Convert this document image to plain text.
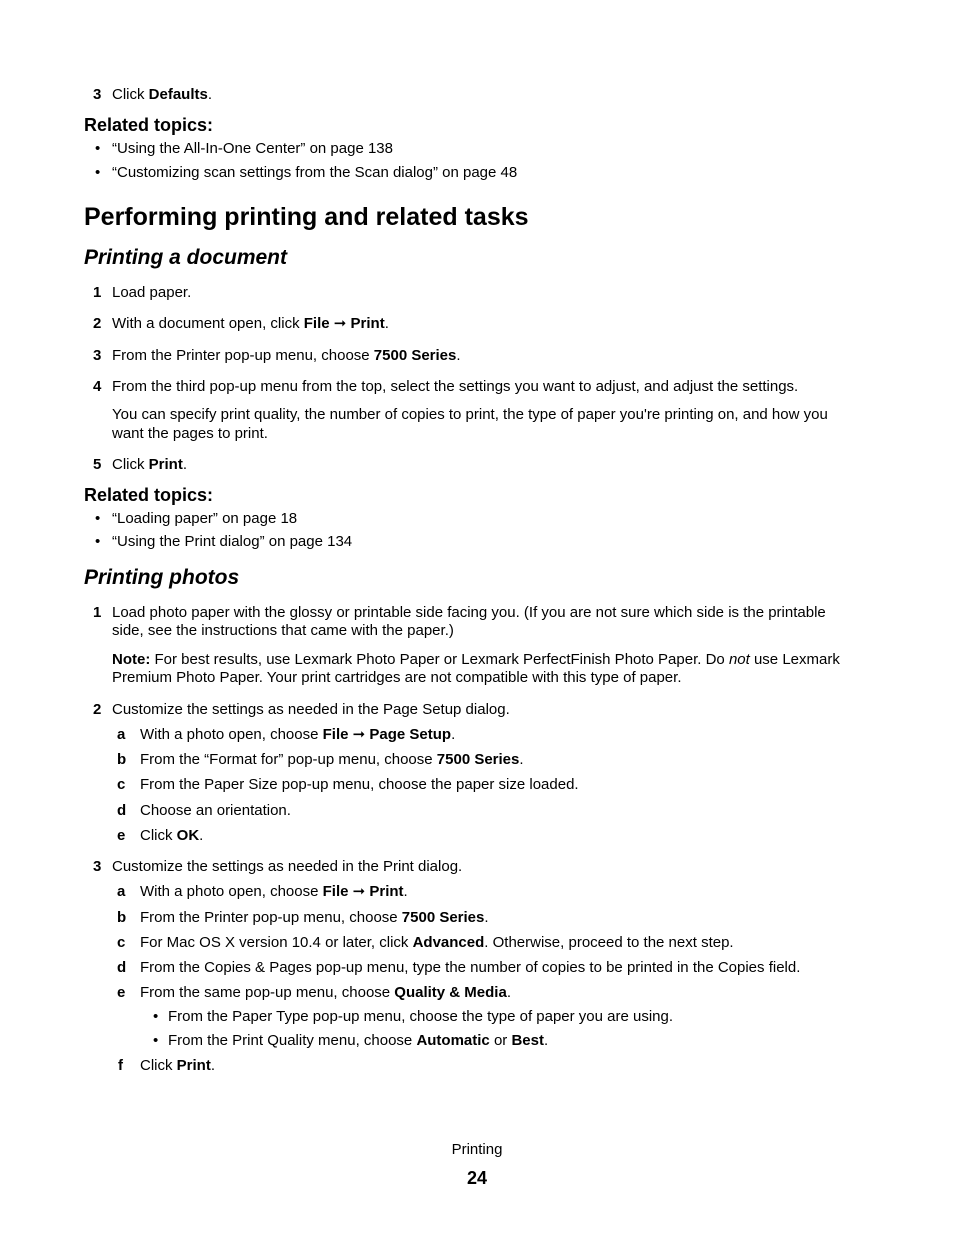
3 Click Defaults.
Related topics:
• “Using the All-In-One Center” on page 138
• “Customizing scan settings from the Scan dialog” on page 48
Performing printing and related tasks
Printing a document
1 Load paper.
2 With a document open, click File ➞ Print.
3 From the Printer pop-up menu, choose 7500 Series.
4 From the third pop-up menu from the top, select the settings you want to adjust, and adjust the settings.
You can specify print quality, the number of copies to print, the type of paper you're printing on, and how you
want the pages to print.
5 Click Print.
Related topics:
• “Loading paper” on page 18
• “Using the Print dialog” on page 134
Printing photos
1 Load photo paper with the glossy or printable side facing you. (If you are not sure which side is the printable
side, see the instructions that came with the paper.)
Note: For best results, use Lexmark Photo Paper or Lexmark PerfectFinish Photo Paper. Do not use Lexmark
Premium Photo Paper. Your print cartridges are not compatible with this type of paper.
2 Customize the settings as needed in the Page Setup dialog.
a With a photo open, choose File ➞ Page Setup.
b From the “Format for” pop-up menu, choose 7500 Series.
c From the Paper Size pop-up menu, choose the paper size loaded.
d Choose an orientation.
e Click OK.
3 Customize the settings as needed in the Print dialog.
a With a photo open, choose File ➞ Print.
b From the Printer pop-up menu, choose 7500 Series.
c For Mac OS X version 10.4 or later, click Advanced. Otherwise, proceed to the next step.
d From the Copies & Pages pop-up menu, type the number of copies to be printed in the Copies field.
e From the same pop-up menu, choose Quality & Media.
• From the Paper Type pop-up menu, choose the type of paper you are using.
• From the Print Quality menu, choose Automatic or Best.
f Click Print.
Printing
24
